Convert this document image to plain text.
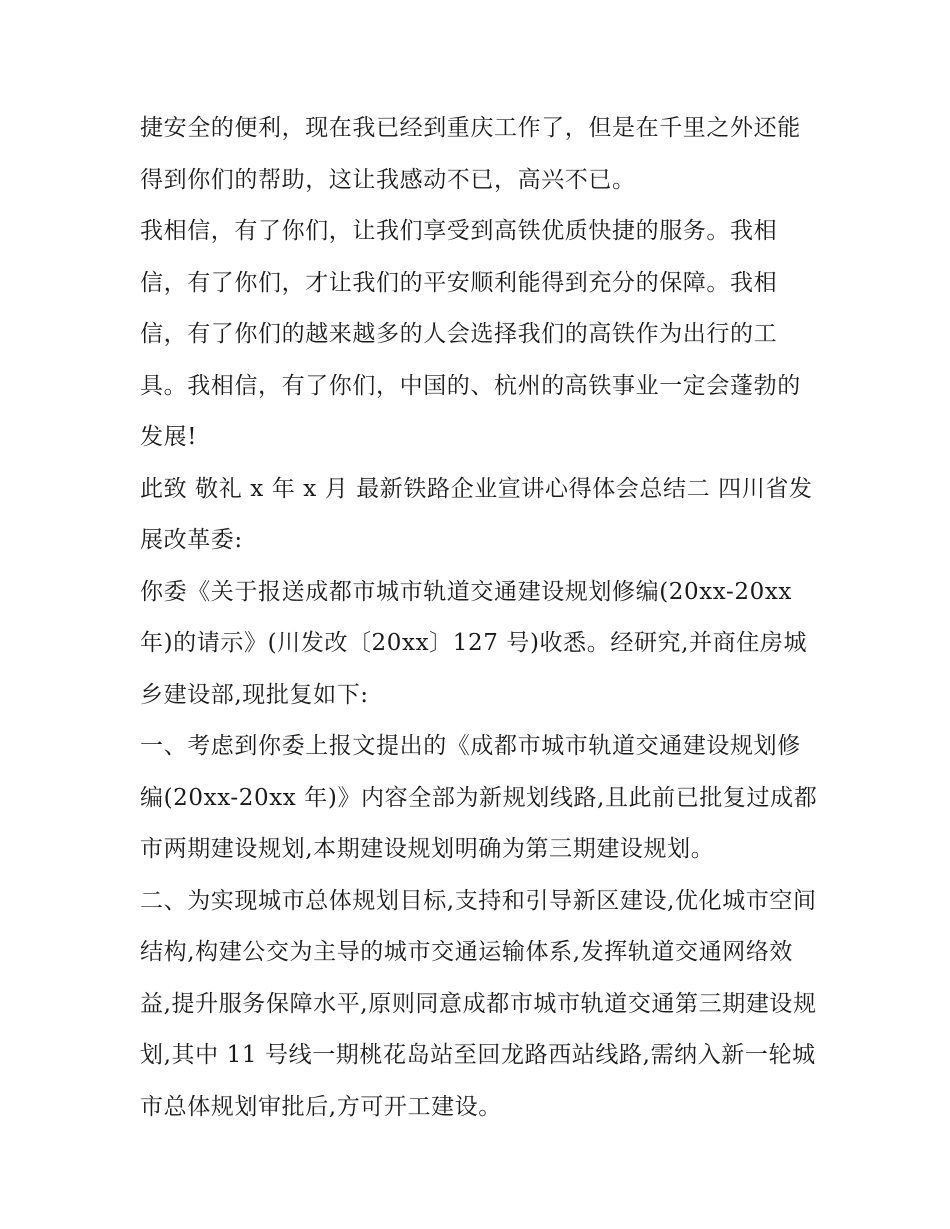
捷安全的便利，现在我已经到重庆工作了，但是在千里之外还能得到你们的帮助，这让我感动不已，高兴不已。

我相信，有了你们，让我们享受到高铁优质快捷的服务。我相信，有了你们，才让我们的平安顺利能得到充分的保障。我相信，有了你们的越来越多的人会选择我们的高铁作为出行的工具。我相信，有了你们，中国的、杭州的高铁事业一定会蓬勃的发展!

此致 敬礼 x 年 x 月 最新铁路企业宣讲心得体会总结二 四川省发展改革委:

你委《关于报送成都市城市轨道交通建设规划修编(20xx-20xx年)的请示》(川发改〔20xx〕127 号)收悉。经研究,并商住房城乡建设部,现批复如下:

一、考虑到你委上报文提出的《成都市城市轨道交通建设规划修编(20xx-20xx 年)》内容全部为新规划线路,且此前已批复过成都市两期建设规划,本期建设规划明确为第三期建设规划。

二、为实现城市总体规划目标,支持和引导新区建设,优化城市空间结构,构建公交为主导的城市交通运输体系,发挥轨道交通网络效益,提升服务保障水平,原则同意成都市城市轨道交通第三期建设规划,其中 11 号线一期桃花岛站至回龙路西站线路,需纳入新一轮城市总体规划审批后,方可开工建设。
